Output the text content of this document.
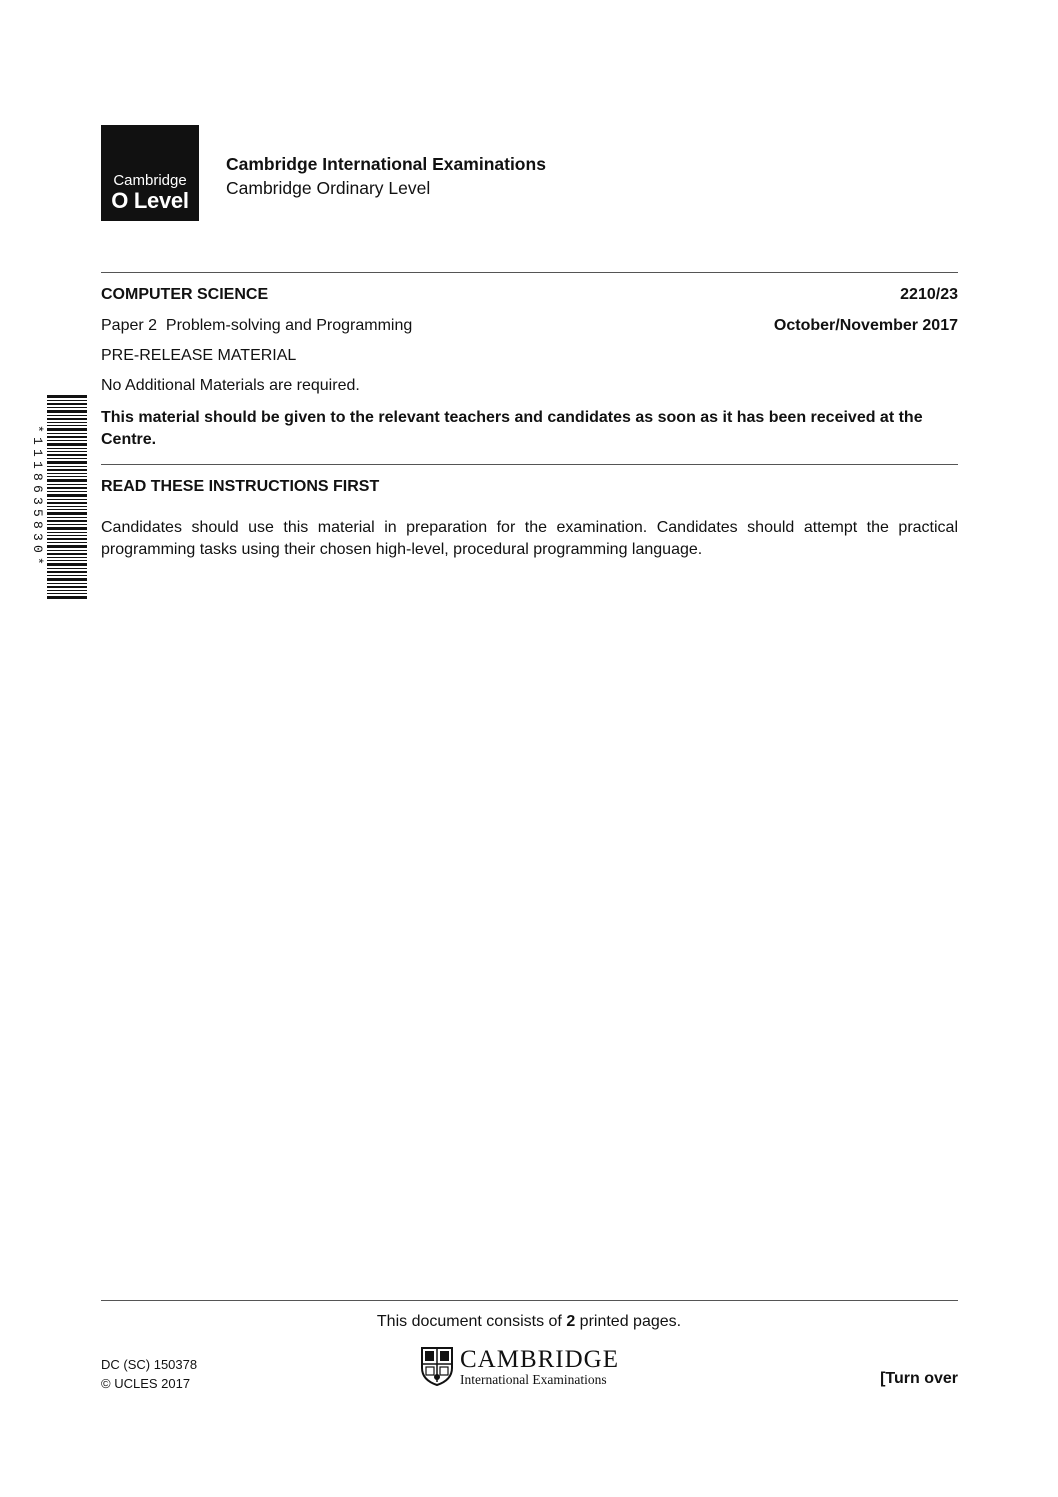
Cambridge
O Level
Cambridge International Examinations
Cambridge Ordinary Level
COMPUTER SCIENCE	2210/23
Paper 2  Problem-solving and Programming	October/November 2017
PRE-RELEASE MATERIAL
No Additional Materials are required.
This material should be given to the relevant teachers and candidates as soon as it has been received at the Centre.
READ THESE INSTRUCTIONS FIRST
Candidates should use this material in preparation for the examination. Candidates should attempt the practical programming tasks using their chosen high-level, procedural programming language.
*1118635830*
This document consists of 2 printed pages.
DC (SC) 150378
© UCLES 2017
CAMBRIDGE
International Examinations	[Turn over
